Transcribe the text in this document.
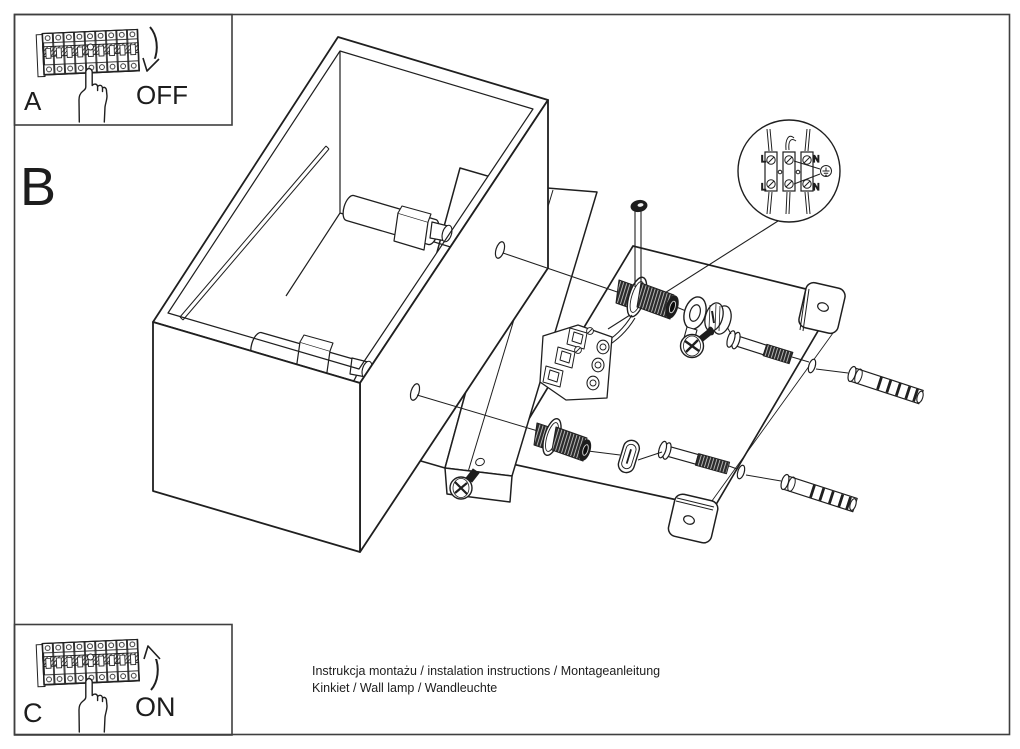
A	OFF
C	ON
B	L	N
L	N
Instrukcja montażu / instalation instructions / Montageanleitung
Kinkiet / Wall lamp / Wandleuchte
